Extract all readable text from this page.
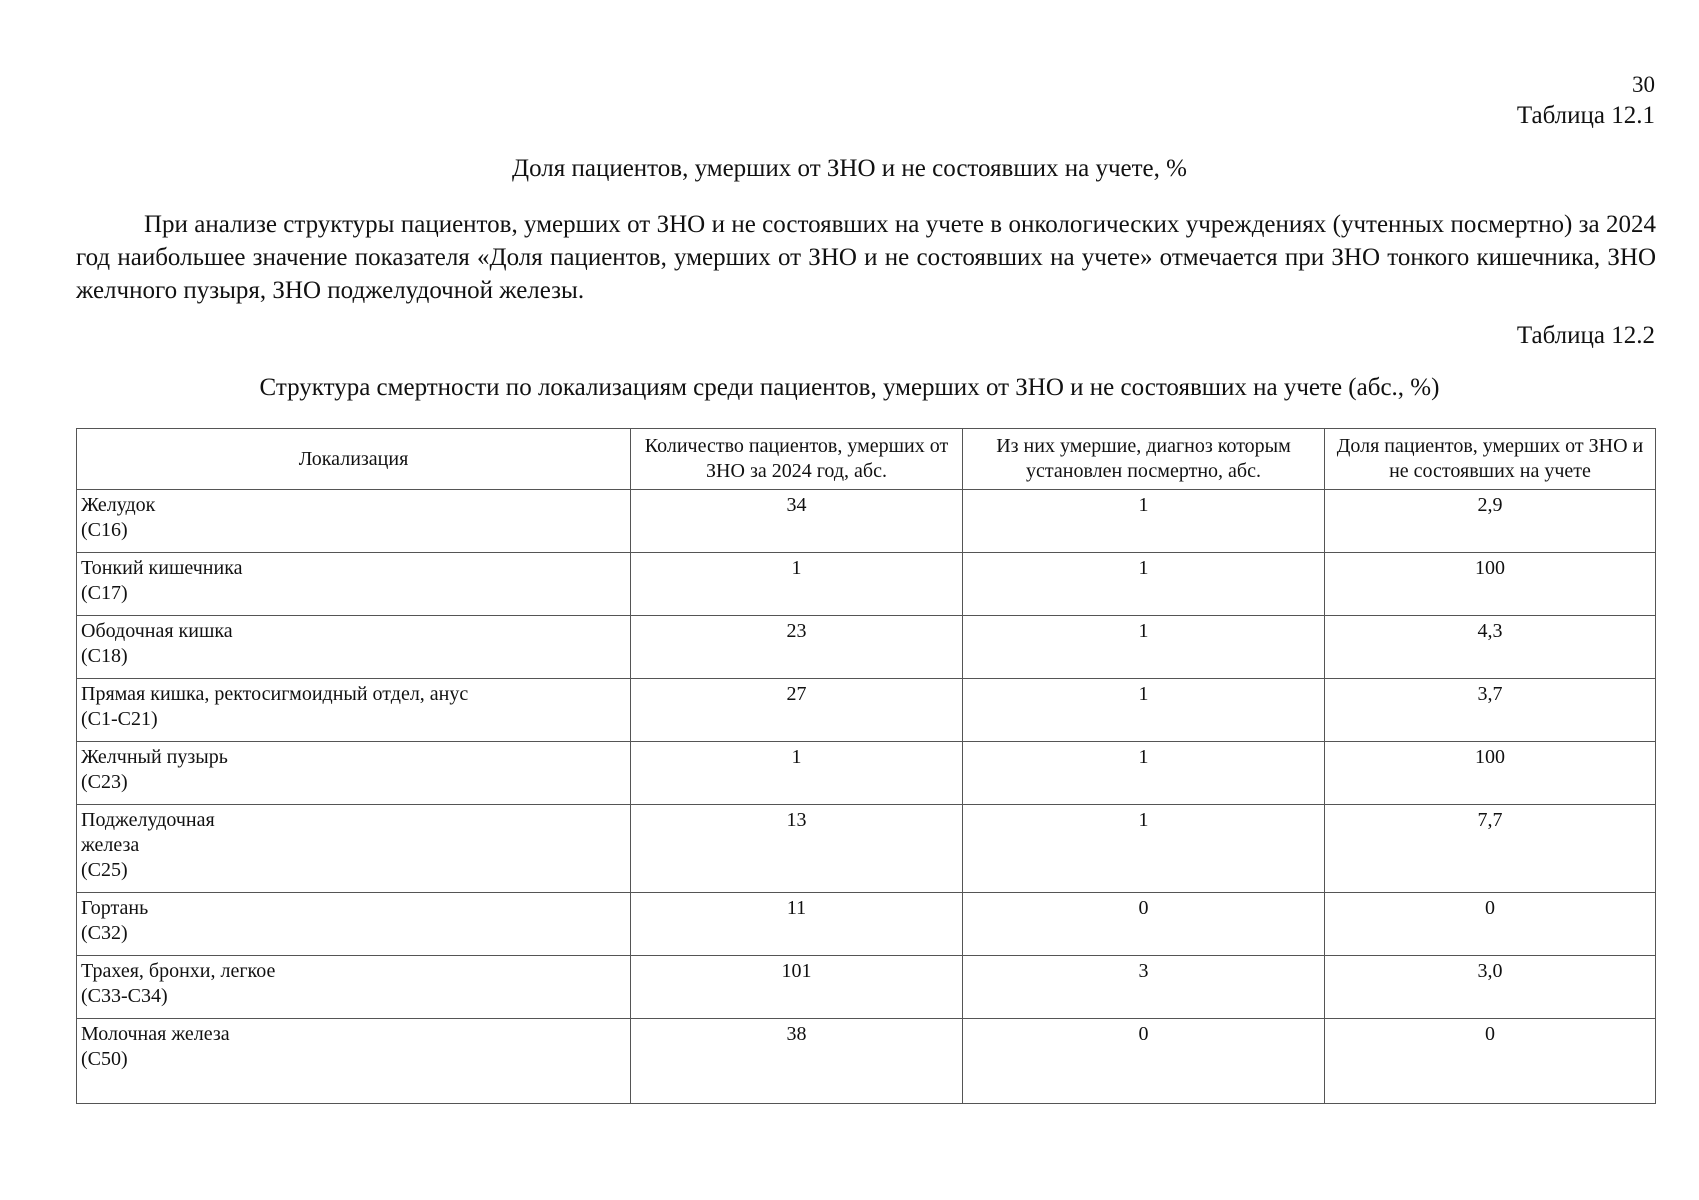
30
Таблица 12.1
Доля пациентов, умерших от ЗНО и не состоявших на учете, %
При анализе структуры пациентов, умерших от ЗНО и не состоявших на учете в онкологических учреждениях (учтенных посмертно) за 2024 год наибольшее значение показателя «Доля пациентов, умерших от ЗНО и не состоявших на учете» отмечается при ЗНО тонкого кишечника, ЗНО желчного пузыря, ЗНО поджелудочной железы.
Таблица 12.2
Структура смертности по локализациям среди пациентов, умерших от ЗНО и не состоявших на учете (абс., %)
Локализация	Количество пациентов, умерших от ЗНО за 2024 год, абс.	Из них умершие, диагноз которым установлен посмертно, абс.	Доля пациентов, умерших от ЗНО и не состоявших на учете

Желудок
(С16)	34	1	2,9

Тонкий кишечника
(С17)	1	1	100

Ободочная кишка
(С18)	23	1	4,3

Прямая кишка, ректосигмоидный отдел, анус
(С1-С21)	27	1	3,7

Желчный пузырь
(С23)	1	1	100

Поджелудочная
железа
(С25)	13	1	7,7

Гортань
(С32)	11	0	0

Трахея, бронхи, легкое
(С33-С34)	101	3	3,0

Молочная железа
(С50)	38	0	0
